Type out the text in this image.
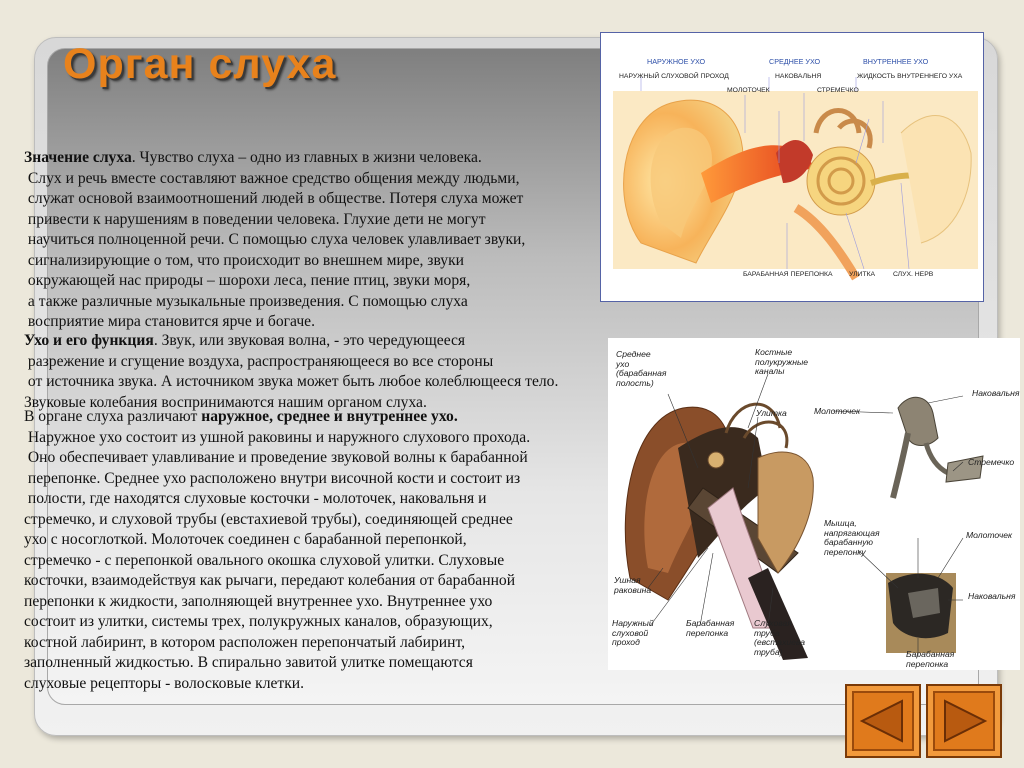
Орган слуха
Значение слуха. Чувство слуха – одно из главных в жизни человека.
Слух и речь вместе составляют важное средство общения между людьми,
служат основой взаимоотношений людей в обществе. Потеря слуха может
привести к нарушениям в поведении человека. Глухие дети не могут
научиться полноценной речи. С помощью слуха человек улавливает звуки,
сигнализирующие о том, что происходит во внешнем мире, звуки
окружающей нас природы – шорохи леса, пение птиц, звуки моря,
а также различные музыкальные произведения. С помощью слуха
восприятие мира становится ярче и богаче.
Ухо и его функция. Звук, или звуковая волна, - это чередующееся
разрежение и сгущение воздуха, распространяющееся во все стороны
от источника звука. А источником звука может быть любое колеблющееся тело.
Звуковые колебания воспринимаются нашим органом слуха.
В органе слуха различают наружное, среднее и внутреннее ухо.
Наружное ухо состоит из ушной раковины и наружного слухового прохода.
Оно обеспечивает улавливание и проведение звуковой волны к барабанной
перепонке. Среднее ухо расположено внутри височной кости и состоит из
полости, где находятся слуховые косточки - молоточек, наковальня и
стремечко, и слуховой трубы (евстахиевой трубы), соединяющей среднее
ухо с носоглоткой. Молоточек соединен с барабанной перепонкой,
стремечко - с перепонкой овального окошка слуховой улитки. Слуховые
косточки, взаимодействуя как рычаги, передают колебания от барабанной
перепонки к жидкости, заполняющей внутреннее ухо. Внутреннее ухо
состоит из улитки, системы трех, полукружных каналов, образующих,
костной лабиринт, в котором расположен перепончатый лабиринт,
заполненный жидкостью. В спирально завитой улитке помещаются
слуховые рецепторы - волосковые клетки.
НАРУЖНОЕ УХО	СРЕДНЕЕ УХО	ВНУТРЕННЕЕ УХО
НАРУЖНЫЙ СЛУХОВОЙ ПРОХОД	НАКОВАЛЬНЯ	ЖИДКОСТЬ ВНУТРЕННЕГО УХА
МОЛОТОЧЕК	СТРЕМЕЧКО
БАРАБАННАЯ ПЕРЕПОНКА УЛИТКА	СЛУХ. НЕРВ
Среднее
ухо
(барабанная
полость)
Костные
полукружные
каналы
Наковальня
Улитка	Молоточек
Стремечко
Мышца,
напрягающая
барабанную
перепонку
Молоточек
Ушная
раковина
Наковальня
Наружный
слуховой
проход
Барабанная
перепонка
Слуховая
труба
(евстахиева
труба)	Барабанная
перепонка
